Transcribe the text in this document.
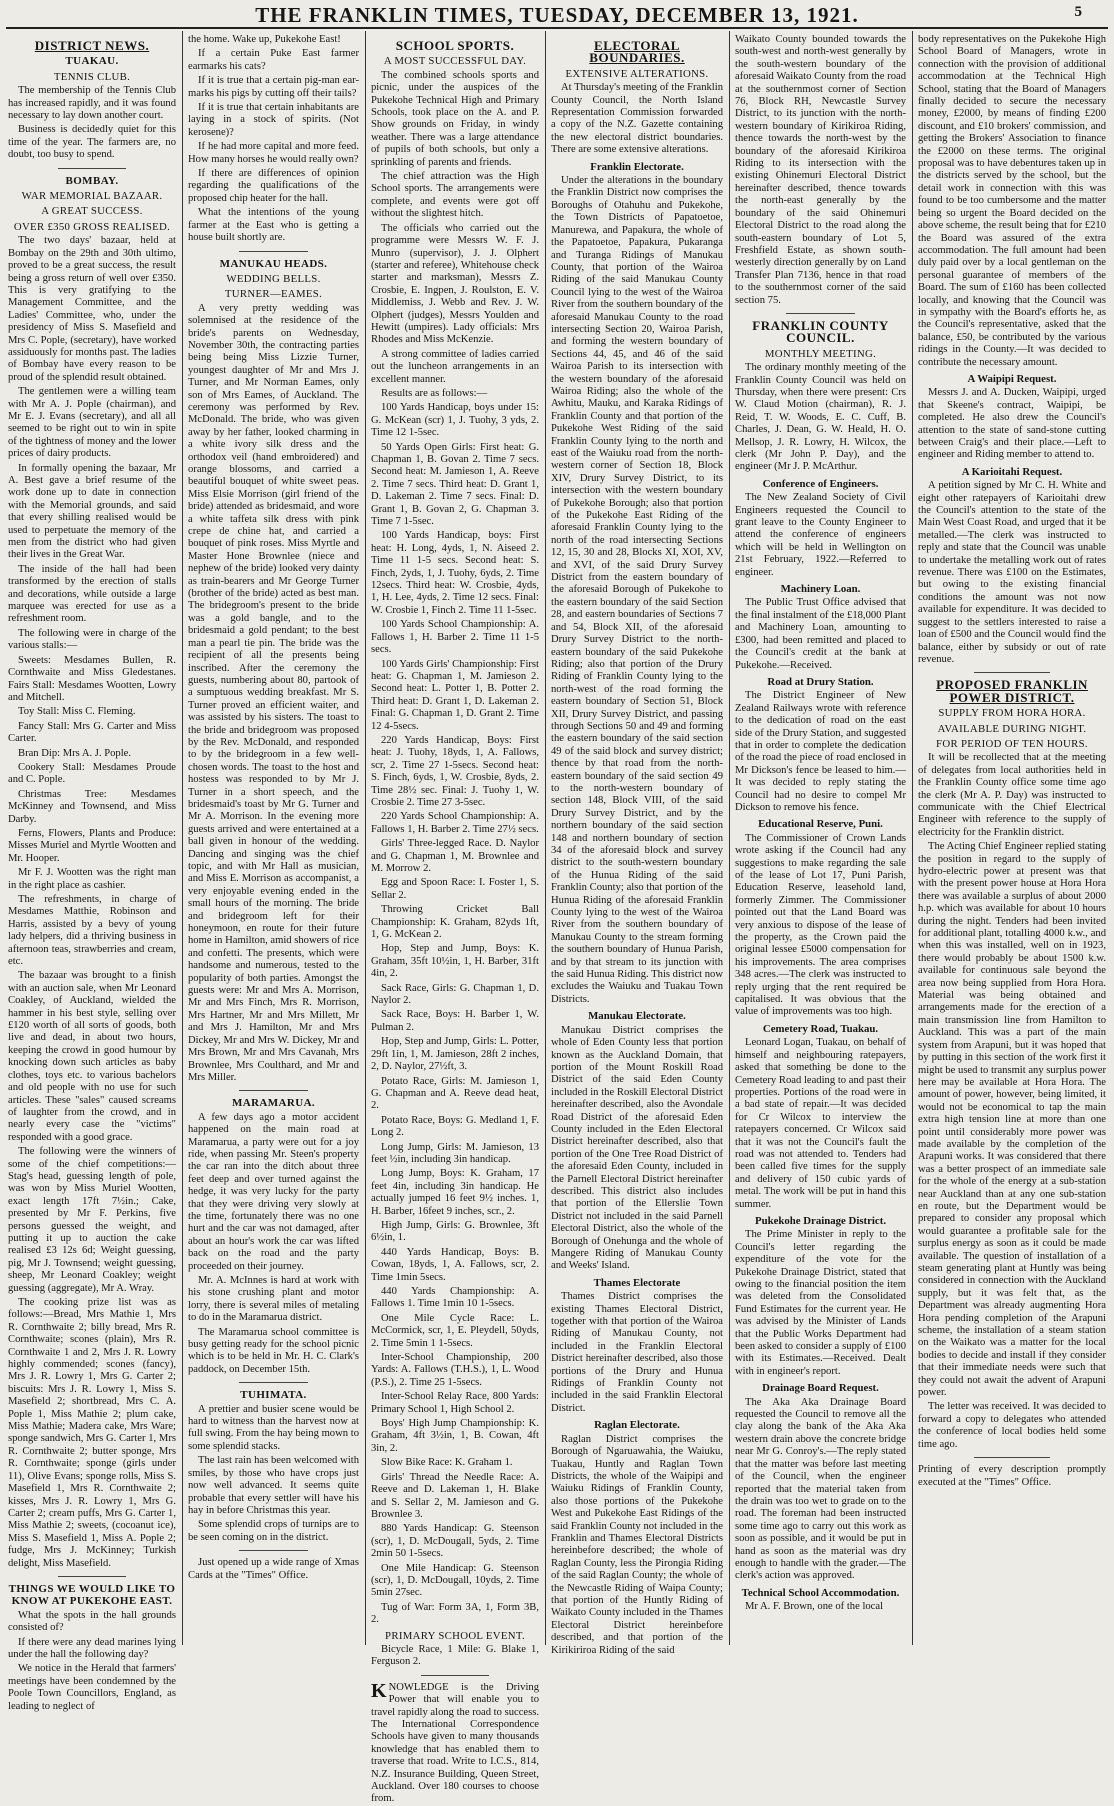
THE FRANKLIN TIMES, TUESDAY, DECEMBER 13, 1921.	5
DISTRICT NEWS.
TUAKAU.
TENNIS CLUB.

The membership of the Tennis Club has increased rapidly, and it was found necessary to lay down another court.

Business is decidedly quiet for this time of the year. The farmers are, no doubt, too busy to spend.

BOMBAY.
WAR MEMORIAL BAZAAR.
A GREAT SUCCESS.
OVER £350 GROSS REALISED.

The two days' bazaar, held at Bombay on the 29th and 30th ultimo, proved to be a great success, the result being a gross return of well over £350. This is very gratifying to the Management Committee, and the Ladies' Committee, who, under the presidency of Miss S. Masefield and Mrs C. Pople, (secretary), have worked assiduously for months past. The ladies of Bombay have every reason to be proud of the splendid result obtained.

The gentlemen were a willing team with Mr A. J. Pople (chairman), and Mr E. J. Evans (secretary), and all all seemed to be right out to win in spite of the tightness of money and the lower prices of dairy products.

In formally opening the bazaar, Mr A. Best gave a brief resume of the work done up to date in connection with the Memorial grounds, and said that every shilling realised would be used to perpetuate the memory of the men from the district who had given their lives in the Great War.

The inside of the hall had been transformed by the erection of stalls and decorations, while outside a large marquee was erected for use as a refreshment room.

The following were in charge of the various stalls:—

Sweets: Mesdames Bullen, R. Cornthwaite and Miss Gledestanes. Fairs Stall: Mesdames Wootten, Lowry and Mitchell.

Toy Stall: Miss C. Fleming.

Fancy Stall: Mrs G. Carter and Miss Carter.

Bran Dip: Mrs A. J. Pople.

Cookery Stall: Mesdames Proude and C. Pople.

Christmas Tree: Mesdames McKinney and Townsend, and Miss Darby.

Ferns, Flowers, Plants and Produce: Misses Muriel and Myrtle Wootten and Mr. Hooper.

Mr F. J. Wootten was the right man in the right place as cashier.

The refreshments, in charge of Mesdames Matthie, Robinson and Harris, assisted by a bevy of young lady helpers, did a thriving business in afternoon teas, strawberries and cream, etc.

The bazaar was brought to a finish with an auction sale, when Mr Leonard Coakley, of Auckland, wielded the hammer in his best style, selling over £120 worth of all sorts of goods, both live and dead, in about two hours, keeping the crowd in good humour by knocking down such articles as baby clothes, toys etc. to various bachelors and old people with no use for such articles. These "sales" caused screams of laughter from the crowd, and in nearly every case the "victims" responded with a good grace.

The following were the winners of some of the chief competitions:— Stag's head, guessing length of pole, was won by Miss Muriel Wootten, exact length 17ft 7½in.; Cake, presented by Mr F. Perkins, five persons guessed the weight, and putting it up to auction the cake realised £3 12s 6d; Weight guessing, pig, Mr J. Townsend; weight guessing, sheep, Mr Leonard Coakley; weight guessing (aggregate), Mr A. Wray.

The cooking prize list was as follows:—Bread, Mrs Mathie 1, Mrs R. Cornthwaite 2; billy bread, Mrs R. Cornthwaite; scones (plain), Mrs R. Cornthwaite 1 and 2, Mrs J. R. Lowry highly commended; scones (fancy), Mrs J. R. Lowry 1, Mrs G. Carter 2; biscuits: Mrs J. R. Lowry 1, Miss S. Masefield 2; shortbread, Mrs C. A. Pople 1, Miss Mathie 2; plum cake, Miss Mathie; Madera cake, Mrs Ware; sponge sandwich, Mrs G. Carter 1, Mrs R. Cornthwaite 2; butter sponge, Mrs R. Cornthwaite; sponge (girls under 11), Olive Evans; sponge rolls, Miss S. Masefield 1, Mrs R. Cornthwaite 2; kisses, Mrs J. R. Lowry 1, Mrs G. Carter 2; cream puffs, Mrs G. Carter 1, Miss Mathie 2; sweets, (cocoanut ice), Miss S. Masefield 1, Miss A. Pople 2; fudge, Mrs J. McKinney; Turkish delight, Miss Masefield.

THINGS WE WOULD LIKE TO KNOW AT PUKEKOHE EAST.

What the spots in the hall grounds consisted of?

If there were any dead marines lying under the hall the following day?

We notice in the Herald that farmers' meetings have been condemned by the Poole Town Councillors, England, as leading to neglect of

the home. Wake up, Pukekohe East!

If a certain Puke East farmer earmarks his cats?

If it is true that a certain pig-man ear-marks his pigs by cutting off their tails?

If it is true that certain inhabitants are laying in a stock of spirits. (Not kerosene)?

If he had more capital and more feed. How many horses he would really own?

If there are differences of opinion regarding the qualifications of the proposed chip heater for the hall.

What the intentions of the young farmer at the East who is getting a house built shortly are.

MANUKAU HEADS.
WEDDING BELLS.
TURNER—EAMES.

A very pretty wedding was solemnised at the residence of the bride's parents on Wednesday, November 30th, the contracting parties being being Miss Lizzie Turner, youngest daughter of Mr and Mrs J. Turner, and Mr Norman Eames, only son of Mrs Eames, of Auckland. The ceremony was performed by Rev. McDonald. The bride, who was given away by her father, looked charming in a white ivory silk dress and the orthodox veil (hand embroidered) and orange blossoms, and carried a beautiful bouquet of white sweet peas. Miss Elsie Morrison (girl friend of the bride) attended as bridesmaid, and wore a white taffeta silk dress with pink crepe de chine hat, and carried a bouquet of pink roses. Miss Myrtle and Master Hone Brownlee (niece and nephew of the bride) looked very dainty as train-bearers and Mr George Turner (brother of the bride) acted as best man. The bridegroom's present to the bride was a gold bangle, and to the bridesmaid a gold pendant; to the best man a pearl tie pin. The bride was the recipient of all the presents being inscribed. After the ceremony the guests, numbering about 80, partook of a sumptuous wedding breakfast. Mr S. Turner proved an efficient waiter, and was assisted by his sisters. The toast to the bride and bridegroom was proposed by the Rev. McDonald, and responded to by the bridegroom in a few well-chosen words. The toast to the host and hostess was responded to by Mr J. Turner in a short speech, and the bridesmaid's toast by Mr G. Turner and Mr A. Morrison. In the evening more guests arrived and were entertained at a ball given in honour of the wedding. Dancing and singing was the chief topic, and with Mr Hall as musician, and Miss E. Morrison as accompanist, a very enjoyable evening ended in the small hours of the morning. The bride and bridegroom left for their honeymoon, en route for their future home in Hamilton, amid showers of rice and confetti. The presents, which were handsome and numerous, tested to the popularity of both parties. Amongst the guests were: Mr and Mrs A. Morrison, Mr and Mrs Finch, Mrs R. Morrison, Mrs Hartner, Mr and Mrs Millett, Mr and Mrs J. Hamilton, Mr and Mrs Dickey, Mr and Mrs W. Dickey, Mr and Mrs Brown, Mr and Mrs Cavanah, Mrs Brownlee, Mrs Coulthard, and Mr and Mrs Miller.

MARAMARUA.

A few days ago a motor accident happened on the main road at Maramarua, a party were out for a joy ride, when passing Mr. Steen's property the car ran into the ditch about three feet deep and over turned against the hedge, it was very lucky for the party that they were driving very slowly at the time, fortunately there was no one hurt and the car was not damaged, after about an hour's work the car was lifted back on the road and the party proceeded on their journey.

Mr. A. McInnes is hard at work with his stone crushing plant and motor lorry, there is several miles of metaling to do in the Maramarua district.

The Maramarua school committee is busy getting ready for the school picnic which is to be held in Mr. H. C. Clark's paddock, on December 15th.

TUHIMATA.

A prettier and busier scene would be hard to witness than the harvest now at full swing. From the hay being mown to some splendid stacks.

The last rain has been welcomed with smiles, by those who have crops just now well advanced. It seems quite probable that every settler will have his hay in before Christmas this year.

Some splendid crops of turnips are to be seen coming on in the district.

Just opened up a wide range of Xmas Cards at the "Times" Office.

SCHOOL SPORTS.
A MOST SUCCESSFUL DAY.

The combined schools sports and picnic, under the auspices of the Pukekohe Technical High and Primary Schools, took place on the A. and P. Show grounds on Friday, in windy weather. There was a large attendance of pupils of both schools, but only a sprinkling of parents and friends.

The chief attraction was the High School sports. The arrangements were complete, and events were got off without the slightest hitch.

The officials who carried out the programme were Messrs W. F. J. Munro (supervisor), J. J. Olphert (starter and referee), Whitehouse check starter and marksman), Messrs Z. Crosbie, E. Ingpen, J. Roulston, E. V. Middlemiss, J. Webb and Rev. J. W. Olphert (judges), Messrs Youlden and Hewitt (umpires). Lady officials: Mrs Rhodes and Miss McKenzie.

A strong committee of ladies carried out the luncheon arrangements in an excellent manner.

Results are as follows:—

100 Yards Handicap, boys under 15: G. McKean (scr) 1, J. Tuohy, 3 yds, 2. Time 12 1-5sec.

50 Yards Open Girls: First heat: G. Chapman 1, B. Govan 2. Time 7 secs. Second heat: M. Jamieson 1, A. Reeve 2. Time 7 secs. Third heat: D. Grant 1, D. Lakeman 2. Time 7 secs. Final: D. Grant 1, B. Govan 2, G. Chapman 3. Time 7 1-5sec.

100 Yards Handicap, boys: First heat: H. Long, 4yds, 1, N. Aiseed 2. Time 11 1-5 secs. Second heat: S. Finch, 2yds, 1, J. Tuohy, 6yds, 2. Time 12secs. Third heat: W. Crosbie, 4yds, 1, H. Lee, 4yds, 2. Time 12 secs. Final: W. Crosbie 1, Finch 2. Time 11 1-5sec.

100 Yards School Championship: A. Fallows 1, H. Barber 2. Time 11 1-5 secs.

100 Yards Girls' Championship: First heat: G. Chapman 1, M. Jamieson 2. Second heat: L. Potter 1, B. Potter 2. Third heat: D. Grant 1, D. Lakeman 2. Final: G. Chapman 1, D. Grant 2. Time 12 4-5secs.

220 Yards Handicap, Boys: First heat: J. Tuohy, 18yds, 1, A. Fallows, scr, 2. Time 27 1-5secs. Second heat: S. Finch, 6yds, 1, W. Crosbie, 8yds, 2. Time 28½ sec. Final: J. Tuohy 1, W. Crosbie 2. Time 27 3-5sec.

220 Yards School Championship: A. Fallows 1, H. Barber 2. Time 27½ secs.

Girls' Three-legged Race. D. Naylor and G. Chapman 1, M. Brownlee and M. Morrow 2.

Egg and Spoon Race: I. Foster 1, S. Sellar 2.

Throwing Cricket Ball Championship: K. Graham, 82yds 1ft, 1, G. McKean 2.

Hop, Step and Jump, Boys: K. Graham, 35ft 10½in, 1, H. Barber, 31ft 4in, 2.

Sack Race, Girls: G. Chapman 1, D. Naylor 2.

Sack Race, Boys: H. Barber 1, W. Pulman 2.

Hop, Step and Jump, Girls: L. Potter, 29ft 1in, 1, M. Jamieson, 28ft 2 inches, 2, D. Naylor, 27½ft, 3.

Potato Race, Girls: M. Jamieson 1, G. Chapman and A. Reeve dead heat, 2.

Potato Race, Boys: G. Medland 1, F. Long 2.

Long Jump, Girls: M. Jamieson, 13 feet ½in, including 3in handicap.

Long Jump, Boys: K. Graham, 17 feet 4in, including 3in handicap. He actually jumped 16 feet 9½ inches. 1, H. Barber, 16feet 9 inches, scr., 2.

High Jump, Girls: G. Brownlee, 3ft 6½in, 1.

440 Yards Handicap, Boys: B. Cowan, 18yds, 1, A. Fallows, scr, 2. Time 1min 5secs.

440 Yards Championship: A. Fallows 1. Time 1min 10 1-5secs.

One Mile Cycle Race: L. McCormick, scr, 1, E. Pleydell, 50yds, 2. Time 5min 1 1-5secs.

Inter-School Championship, 200 Yards: A. Fallows (T.H.S.), 1, L. Wood (P.S.), 2. Time 25 1-5secs.

Inter-School Relay Race, 800 Yards: Primary School 1, High School 2.

Boys' High Jump Championship: K. Graham, 4ft 3½in, 1, B. Cowan, 4ft 3in, 2.

Slow Bike Race: K. Graham 1.

Girls' Thread the Needle Race: A. Reeve and D. Lakeman 1, H. Blake and S. Sellar 2, M. Jamieson and G. Brownlee 3.

880 Yards Handicap: G. Steenson (scr), 1, D. McDougall, 5yds, 2. Time 2min 50 1-5secs.

One Mile Handicap: G. Steenson (scr), 1, D. McDougall, 10yds, 2. Time 5min 27sec.

Tug of War: Form 3A, 1, Form 3B, 2.

PRIMARY SCHOOL EVENT.

Bicycle Race, 1 Mile: G. Blake 1, Ferguson 2.

KNOWLEDGE is the Driving Power that will enable you to travel rapidly along the road to success. The International Correspondence Schools have given to many thousands knowledge that has enabled them to traverse that road. Write to I.C.S., 814, N.Z. Insurance Building, Queen Street, Auckland. Over 180 courses to choose from.

ELECTORAL BOUNDARIES.
EXTENSIVE ALTERATIONS.

At Thursday's meeting of the Franklin County Council, the North Island Representation Commission forwarded a copy of the N.Z. Gazette containing the new electoral district boundaries. There are some extensive alterations.

Franklin Electorate.

Under the alterations in the boundary the Franklin District now comprises the Boroughs of Otahuhu and Pukekohe, the Town Districts of Papatoetoe, Manurewa, and Papakura, the whole of the Papatoetoe, Papakura, Pukaranga and Turanga Ridings of Manukau County, that portion of the Wairoa Riding of the said Manukau County Council lying to the west of the Wairoa River from the southern boundary of the aforesaid Manukau County to the road intersecting Section 20, Wairoa Parish, and forming the western boundary of Sections 44, 45, and 46 of the said Wairoa Parish to its intersection with the western boundary of the aforesaid Wairoa Riding; also the whole of the Awhitu, Mauku, and Karaka Ridings of Franklin County and that portion of the Pukekohe West Riding of the said Franklin County lying to the north and east of the Waiuku road from the north-western corner of Section 18, Block XIV, Drury Survey District, to its intersection with the western boundary of Pukekohe Borough; also that portion of the Pukekohe East Riding of the aforesaid Franklin County lying to the north of the road intersecting Sections 12, 15, 30 and 28, Blocks XI, XOI, XV, and XVI, of the said Drury Survey District from the eastern boundary of the aforesaid Borough of Pukekohe to the eastern boundary of the said Section 28, and eastern boundaries of Sections 7 and 54, Block XII, of the aforesaid Drury Survey District to the north-eastern boundary of the said Pukekohe Riding; also that portion of the Drury Riding of Franklin County lying to the north-west of the road forming the eastern boundary of Section 51, Block XII, Drury Survey District, and passing through Sections 50 and 49 and forming the eastern boundary of the said section 49 of the said block and survey district; thence by that road from the north-eastern boundary of the said section 49 to the north-western boundary of section 148, Block VIII, of the said Drury Survey District, and by the northern boundary of the said section 148 and northern boundary of section 34 of the aforesaid block and survey district to the south-western boundary of the Hunua Riding of the said Franklin County; also that portion of the Hunua Riding of the aforesaid Franklin County lying to the west of the Wairoa River from the southern boundary of Manukau County to the stream forming the southern boundary of Hunua Parish, and by that stream to its junction with the said Hunua Riding. This district now excludes the Waiuku and Tuakau Town Districts.

Manukau Electorate.

Manukau District comprises the whole of Eden County less that portion known as the Auckland Domain, that portion of the Mount Roskill Road District of the said Eden County included in the Roskill Electoral District hereinafter described, also the Avondale Road District of the aforesaid Eden County included in the Eden Electoral District hereinafter described, also that portion of the One Tree Road District of the aforesaid Eden County, included in the Parnell Electoral District hereinafter described. This district also includes that portion of the Ellerslie Town District not included in the said Parnell Electoral District, also the whole of the Borough of Onehunga and the whole of Mangere Riding of Manukau County and Weeks' Island.

Thames Electorate

Thames District comprises the existing Thames Electoral District, together with that portion of the Wairoa Riding of Manukau County, not included in the Franklin Electoral District hereinafter described, also those portions of the Drury and Hunua Ridings of Franklin County not included in the said Franklin Electoral District.

Raglan Electorate.

Raglan District comprises the Borough of Ngaruawahia, the Waiuku, Tuakau, Huntly and Raglan Town Districts, the whole of the Waipipi and Waiuku Ridings of Franklin County, also those portions of the Pukekohe West and Pukekohe East Ridings of the said Franklin County not included in the Franklin and Thames Electoral Districts hereinbefore described; the whole of Raglan County, less the Pirongia Riding of the said Raglan County; the whole of the Newcastle Riding of Waipa County; that portion of the Huntly Riding of Waikato County included in the Thames Electoral District hereinbefore described, and that portion of the Kirikiriroa Riding of the said

Waikato County bounded towards the south-west and north-west generally by the south-western boundary of the aforesaid Waikato County from the road at the southernmost corner of Section 76, Block RH, Newcastle Survey District, to its junction with the north-western boundary of Kirikiroa Riding, thence towards the north-west by the boundary of the aforesaid Kirikiroa Riding to its intersection with the existing Ohinemuri Electoral District hereinafter described, thence towards the north-east generally by the boundary of the said Ohinemuri Electoral District to the road along the south-eastern boundary of Lot 5, Freshfield Estate, as shown south-westerly direction generally by on Land Transfer Plan 7136, hence in that road to the southernmost corner of the said section 75.

FRANKLIN COUNTY
COUNCIL.
MONTHLY MEETING.

The ordinary monthly meeting of the Franklin County Council was held on Thursday, when there were present: Crs W. Claud Motion (chairman), R. J. Reid, T. W. Woods, E. C. Cuff, B. Charles, J. Dean, G. W. Heald, H. O. Mellsop, J. R. Lowry, H. Wilcox, the clerk (Mr John P. Day), and the engineer (Mr J. P. McArthur.

Conference of Engineers.

The New Zealand Society of Civil Engineers requested the Council to grant leave to the County Engineer to attend the conference of engineers which will be held in Wellington on 21st February, 1922.—Referred to engineer.

Machinery Loan.

The Public Trust Office advised that the final instalment of the £18,000 Plant and Machinery Loan, amounting to £300, had been remitted and placed to the Council's credit at the bank at Pukekohe.—Received.

Road at Drury Station.

The District Engineer of New Zealand Railways wrote with reference to the dedication of road on the east side of the Drury Station, and suggested that in order to complete the dedication of the road the piece of road enclosed in Mr Dickson's fence be leased to him.—It was decided to reply stating the Council had no desire to compel Mr Dickson to remove his fence.

Educational Reserve, Puni.

The Commissioner of Crown Lands wrote asking if the Council had any suggestions to make regarding the sale of the lease of Lot 17, Puni Parish, Education Reserve, leasehold land, formerly Zimmer. The Commissioner pointed out that the Land Board was very anxious to dispose of the lease of the property, as the Crown paid the original lessee £5000 compensation for his improvements. The area comprises 348 acres.—The clerk was instructed to reply urging that the rent required be capitalised. It was obvious that the value of improvements was too high.

Cemetery Road, Tuakau.

Leonard Logan, Tuakau, on behalf of himself and neighbouring ratepayers, asked that something be done to the Cemetery Road leading to and past their properties. Portions of the road were in a bad state of repair.—It was decided for Cr Wilcox to interview the ratepayers concerned. Cr Wilcox said that it was not the Council's fault the road was not attended to. Tenders had been called five times for the supply and delivery of 150 cubic yards of metal. The work will be put in hand this summer.

Pukekohe Drainage District.

The Prime Minister in reply to the Council's letter regarding the expenditure of the vote for the Pukekohe Drainage District, stated that owing to the financial position the item was deleted from the Consolidated Fund Estimates for the current year. He was advised by the Minister of Lands that the Public Works Department had been asked to consider a supply of £100 with its Estimates.—Received. Dealt with in engineer's report.

Drainage Board Request.

The Aka Aka Drainage Board requested the Council to remove all the clay along the bank of the Aka Aka western drain above the concrete bridge near Mr G. Conroy's.—The reply stated that the matter was before last meeting of the Council, when the engineer reported that the material taken from the drain was too wet to grade on to the road. The foreman had been instructed some time ago to carry out this work as soon as possible, and it would be put in hand as soon as the material was dry enough to handle with the grader.—The clerk's action was approved.

Technical School Accommodation.

Mr A. F. Brown, one of the local

body representatives on the Pukekohe High School Board of Managers, wrote in connection with the provision of additional accommodation at the Technical High School, stating that the Board of Managers finally decided to secure the necessary money, £2000, by means of finding £200 discount, and £10 brokers' commission, and getting the Brokers' Association to finance the £2000 on these terms. The original proposal was to have debentures taken up in the districts served by the school, but the detail work in connection with this was found to be too cumbersome and the matter being so urgent the Board decided on the above scheme, the result being that for £210 the Board was assured of the extra accommodation. The full amount had been duly paid over by a local gentleman on the personal guarantee of members of the Board. The sum of £160 has been collected locally, and knowing that the Council was in sympathy with the Board's efforts he, as the Council's representative, asked that the balance, £50, be contributed by the various ridings in the County.—It was decided to contribute the necessary amount.

A Waipipi Request.

Messrs J. and A. Ducken, Waipipi, urged that Skeene's contract, Waipipi, be completed. He also drew the Council's attention to the state of sand-stone cutting between Craig's and their place.—Left to engineer and Riding member to attend to.

A Karioitahi Request.

A petition signed by Mr C. H. White and eight other ratepayers of Karioitahi drew the Council's attention to the state of the Main West Coast Road, and urged that it be metalled.—The clerk was instructed to reply and state that the Council was unable to undertake the metalling work out of rates revenue. There was £100 on the Estimates, but owing to the existing financial conditions the amount was not now available for expenditure. It was decided to suggest to the settlers interested to raise a loan of £500 and the Council would find the balance, either by subsidy or out of rate revenue.

PROPOSED FRANKLIN POWER DISTRICT.
SUPPLY FROM HORA HORA.
AVAILABLE DURING NIGHT.
FOR PERIOD OF TEN HOURS.

It will be recollected that at the meeting of delegates from local authorities held in the Franklin County office some time ago the clerk (Mr A. P. Day) was instructed to communicate with the Chief Electrical Engineer with reference to the supply of electricity for the Franklin district.

The Acting Chief Engineer replied stating the position in regard to the supply of hydro-electric power at present was that with the present power house at Hora Hora there was available a surplus of about 2000 h.p. which was available for about 10 hours during the night. Tenders had been invited for additional plant, totalling 4000 k.w., and when this was installed, well on in 1923, there would probably be about 1500 k.w. available for continuous sale beyond the area now being supplied from Hora Hora. Material was being obtained and arrangements made for the erection of a main transmission line from Hamilton to Auckland. This was a part of the main system from Arapuni, but it was hoped that by putting in this section of the work first it might be used to transmit any surplus power here may be available at Hora Hora. The amount of power, however, being limited, it would not be economical to tap the main extra high tension line at more than one point until considerably more power was made available by the completion of the Arapuni works. It was considered that there was a better prospect of an immediate sale for the whole of the energy at a sub-station near Auckland than at any one sub-station en route, but the Department would be prepared to consider any proposal which would guarantee a profitable sale for the surplus energy as soon as it could be made available. The question of installation of a steam generating plant at Huntly was being considered in connection with the Auckland supply, but it was felt that, as the Department was already augmenting Hora Hora pending completion of the Arapuni scheme, the installation of a steam station on the Waikato was a matter for the local bodies to decide and install if they consider that their immediate needs were such that they could not await the advent of Arapuni power.

The letter was received. It was decided to forward a copy to delegates who attended the conference of local bodies held some time ago.

Printing of every description promptly executed at the "Times" Office.
